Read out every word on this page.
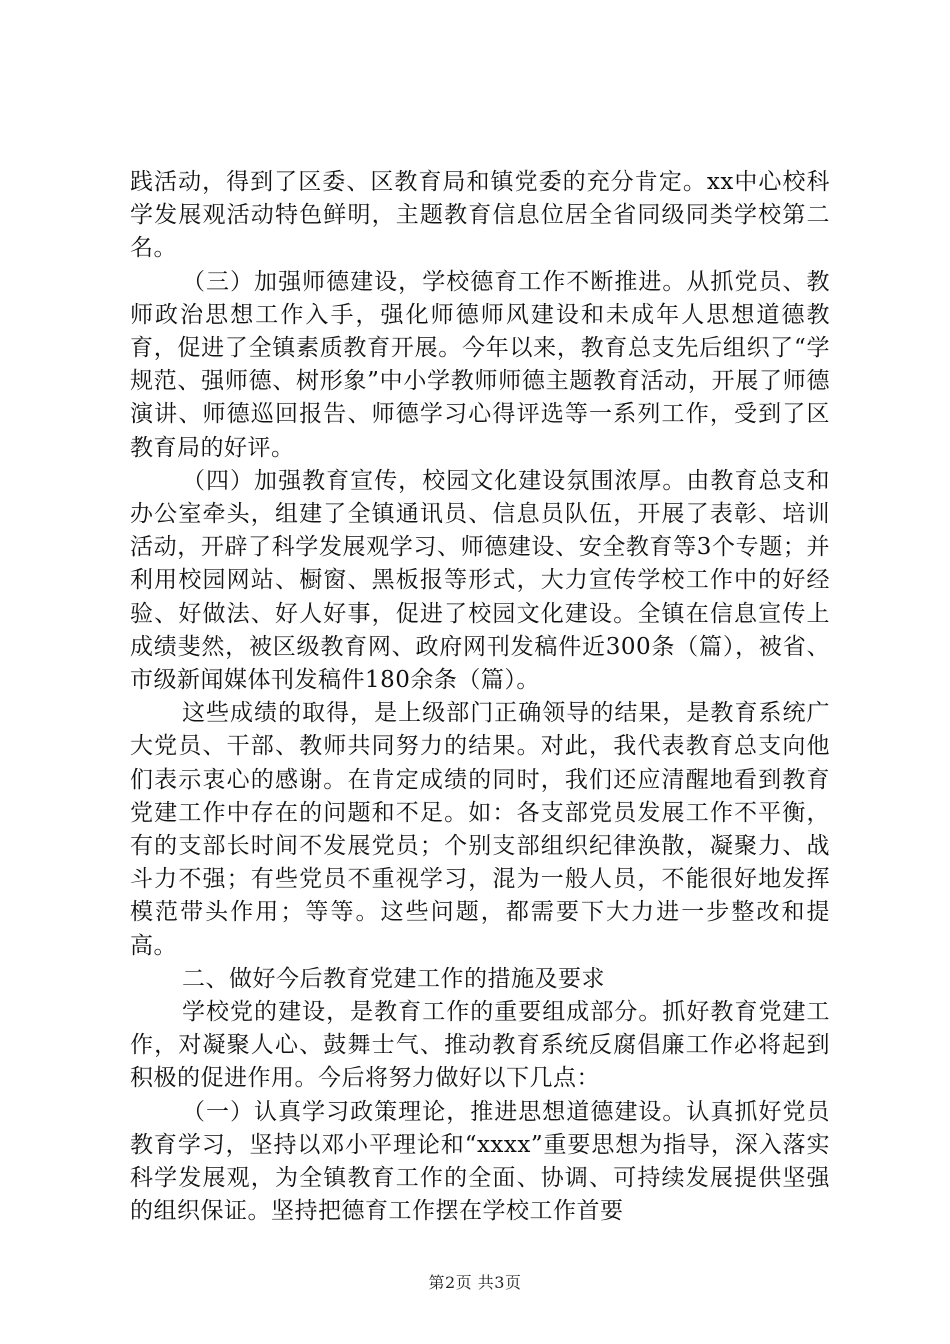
践活动，得到了区委、区教育局和镇党委的充分肯定。xx中心校科学发展观活动特色鲜明，主题教育信息位居全省同级同类学校第二名。

（三）加强师德建设，学校德育工作不断推进。从抓党员、教师政治思想工作入手，强化师德师风建设和未成年人思想道德教育，促进了全镇素质教育开展。今年以来，教育总支先后组织了“学规范、强师德、树形象”中小学教师师德主题教育活动，开展了师德演讲、师德巡回报告、师德学习心得评选等一系列工作，受到了区教育局的好评。

（四）加强教育宣传，校园文化建设氛围浓厚。由教育总支和办公室牵头，组建了全镇通讯员、信息员队伍，开展了表彰、培训活动，开辟了科学发展观学习、师德建设、安全教育等3个专题；并利用校园网站、橱窗、黑板报等形式，大力宣传学校工作中的好经验、好做法、好人好事，促进了校园文化建设。全镇在信息宣传上成绩斐然，被区级教育网、政府网刊发稿件近300条（篇），被省、市级新闻媒体刊发稿件180余条（篇）。

这些成绩的取得，是上级部门正确领导的结果，是教育系统广大党员、干部、教师共同努力的结果。对此，我代表教育总支向他们表示衷心的感谢。在肯定成绩的同时，我们还应清醒地看到教育党建工作中存在的问题和不足。如：各支部党员发展工作不平衡，有的支部长时间不发展党员；个别支部组织纪律涣散，凝聚力、战斗力不强；有些党员不重视学习，混为一般人员，不能很好地发挥模范带头作用；等等。这些问题，都需要下大力进一步整改和提高。

二、做好今后教育党建工作的措施及要求

学校党的建设，是教育工作的重要组成部分。抓好教育党建工作，对凝聚人心、鼓舞士气、推动教育系统反腐倡廉工作必将起到积极的促进作用。今后将努力做好以下几点：

（一）认真学习政策理论，推进思想道德建设。认真抓好党员教育学习，坚持以邓小平理论和“xxxx”重要思想为指导，深入落实科学发展观，为全镇教育工作的全面、协调、可持续发展提供坚强的组织保证。坚持把德育工作摆在学校工作首要

第2页 共3页
